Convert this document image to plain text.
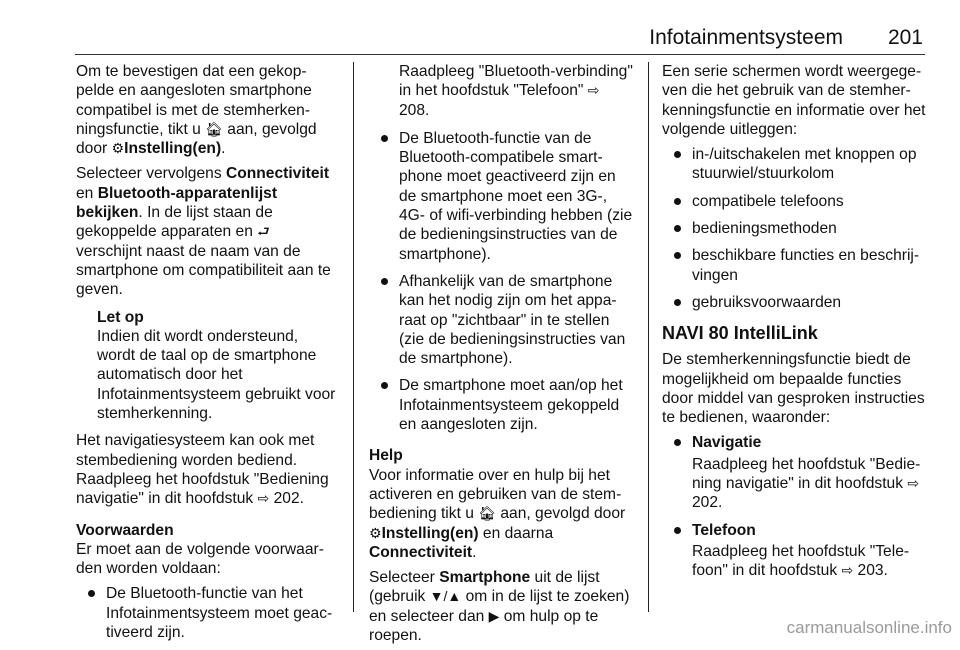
Infotainmentsysteem 201

Om te bevestigen dat een gekoppelde en aangesloten smartphone compatibel is met de stemherkenningsfunctie, tikt u 🏠︎ aan, gevolgd door ⚙Instelling(en).

Selecteer vervolgens Connectiviteit en Bluetooth-apparatenlijst bekijken. In de lijst staan de gekoppelde apparaten en ⮐ verschijnt naast de naam van de smartphone om compatibiliteit aan te geven.

Let op

Indien dit wordt ondersteund, wordt de taal op de smartphone automatisch door het Infotainmentsysteem gebruikt voor stemherkenning.

Het navigatiesysteem kan ook met stembediening worden bediend. Raadpleeg het hoofdstuk "Bediening navigatie" in dit hoofdstuk ⇨ 202.

Voorwaarden

Er moet aan de volgende voorwaarden worden voldaan:

De Bluetooth-functie van het Infotainmentsysteem moet geactiveerd zijn.

Raadpleeg "Bluetooth-verbinding" in het hoofdstuk "Telefoon" ⇨ 208.

De Bluetooth-functie van de Bluetooth-compatibele smartphone moet geactiveerd zijn en de smartphone moet een 3G-, 4G- of wifi-verbinding hebben (zie de bedieningsinstructies van de smartphone).
Afhankelijk van de smartphone kan het nodig zijn om het apparaat op "zichtbaar" in te stellen (zie de bedieningsinstructies van de smartphone).
De smartphone moet aan/op het Infotainmentsysteem gekoppeld en aangesloten zijn.

Help

Voor informatie over en hulp bij het activeren en gebruiken van de stembediening tikt u 🏠︎ aan, gevolgd door ⚙Instelling(en) en daarna Connectiviteit.

Selecteer Smartphone uit de lijst (gebruik ▼/▲ om in de lijst te zoeken) en selecteer dan ▶ om hulp op te roepen.

Een serie schermen wordt weergegeven die het gebruik van de stemherkenningsfunctie en informatie over het volgende uitleggen:

in-/uitschakelen met knoppen op stuurwiel/stuurkolom
compatibele telefoons
bedieningsmethoden
beschikbare functies en beschrijvingen
gebruiksvoorwaarden

NAVI 80 IntelliLink

De stemherkenningsfunctie biedt de mogelijkheid om bepaalde functies door middel van gesproken instructies te bedienen, waaronder:

Navigatie
Raadpleeg het hoofdstuk "Bediening navigatie" in dit hoofdstuk ⇨ 202.
Telefoon
Raadpleeg het hoofdstuk "Telefoon" in dit hoofdstuk ⇨ 203.
carmanualsonline.info
